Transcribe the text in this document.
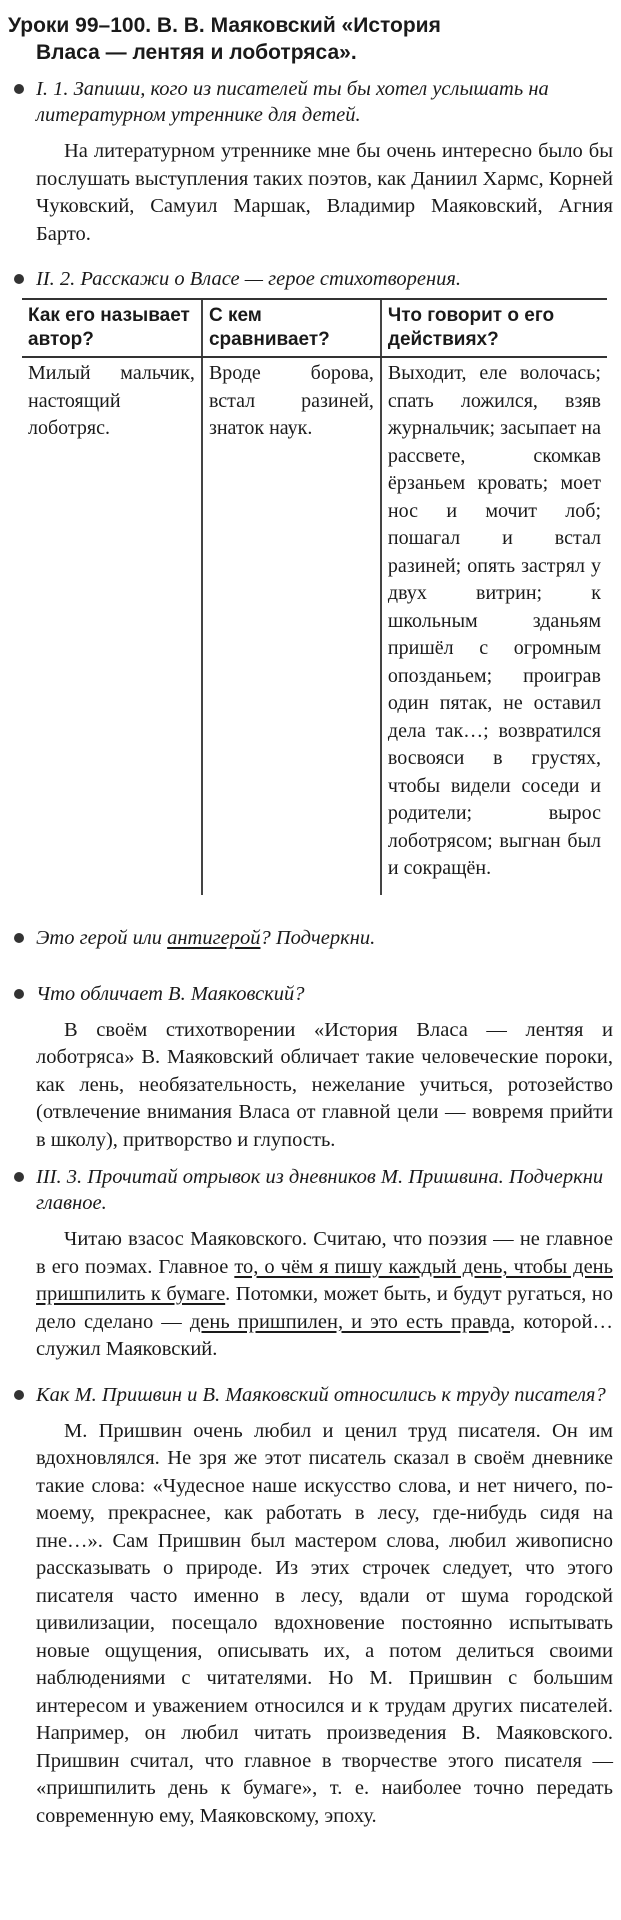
Уроки 99–100. В. В. Маяковский «История
Власа — лентяя и лоботряса».
I. 1. Запиши, кого из писателей ты бы хотел услышать на литературном утреннике для детей.

На литературном утреннике мне бы очень интересно было бы послушать выступления таких поэтов, как Даниил Хармс, Корней Чуковский, Самуил Маршак, Владимир Маяковский, Агния Барто.

II. 2. Расскажи о Власе — герое стихотворения.
Как его называет автор?	С кем сравнивает?	Что говорит о его действиях?
Милый мальчик, настоящий лоботряс.	Вроде борова, встал разиней, знаток наук.	Выходит, еле волочась; спать ложился, взяв журнальчик; засыпает на рассвете, скомкав ёрзаньем кровать; моет нос и мочит лоб; пошагал и встал разиней; опять застрял у двух витрин; к школьным зданьям пришёл с огромным опозданьем; проиграв один пятак, не оставил дела так…; возвратился восвояси в грустях, чтобы видели соседи и родители; вырос лоботрясом; выгнан был и сокращён.
Это герой или антигерой? Подчеркни.
Что обличает В. Маяковский?

В своём стихотворении «История Власа — лентяя и лоботряса» В. Маяковский обличает такие человеческие пороки, как лень, необязательность, нежелание учиться, ротозейство (отвлечение внимания Власа от главной цели — вовремя прийти в школу), притворство и глупость.

III. 3. Прочитай отрывок из дневников М. Пришвина. Подчеркни главное.

Читаю взасос Маяковского. Считаю, что поэзия — не главное в его поэмах. Главное то, о чём я пишу каждый день, чтобы день пришпилить к бумаге. Потомки, может быть, и будут ругаться, но дело сделано — день пришпилен, и это есть правда, которой… служил Маяковский.

Как М. Пришвин и В. Маяковский относились к труду писателя?

М. Пришвин очень любил и ценил труд писателя. Он им вдохновлялся. Не зря же этот писатель сказал в своём дневнике такие слова: «Чудесное наше искусство слова, и нет ничего, по-моему, прекраснее, как работать в лесу, где-нибудь сидя на пне…». Сам Пришвин был мастером слова, любил живописно рассказывать о природе. Из этих строчек следует, что этого писателя часто именно в лесу, вдали от шума городской цивилизации, посещало вдохновение постоянно испытывать новые ощущения, описывать их, а потом делиться своими наблюдениями с читателями. Но М. Пришвин с большим интересом и уважением относился и к трудам других писателей. Например, он любил читать произведения В. Маяковского. Пришвин считал, что главное в творчестве этого писателя — «пришпилить день к бумаге», т. е. наиболее точно передать современную ему, Маяковскому, эпоху.
